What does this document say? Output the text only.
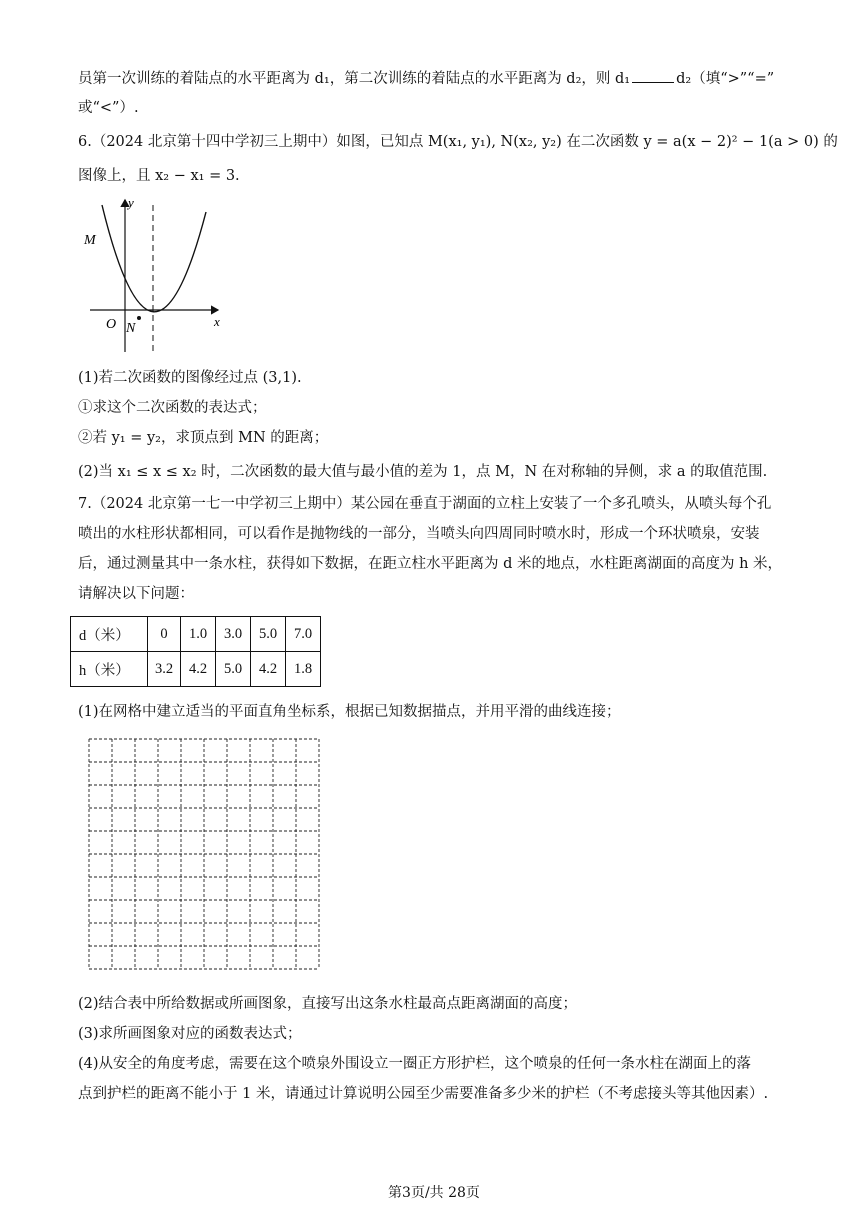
员第一次训练的着陆点的水平距离为 d₁，第二次训练的着陆点的水平距离为 d₂，则 d₁	d₂（填“>”“=”
或“<”）.
6.（2024 北京第十四中学初三上期中）如图，已知点 M(x₁, y₁), N(x₂, y₂) 在二次函数 y = a(x − 2)² − 1(a > 0) 的
图像上，且 x₂ − x₁ = 3.
y
x
O
M
N
(1)若二次函数的图像经过点 (3,1).
①求这个二次函数的表达式；
②若 y₁ = y₂，求顶点到 MN 的距离；
(2)当 x₁ ≤ x ≤ x₂ 时，二次函数的最大值与最小值的差为 1，点 M，N 在对称轴的异侧，求 a 的取值范围.
7.（2024 北京第一七一中学初三上期中）某公园在垂直于湖面的立柱上安装了一个多孔喷头，从喷头每个孔
喷出的水柱形状都相同，可以看作是抛物线的一部分，当喷头向四周同时喷水时，形成一个环状喷泉，安装
后，通过测量其中一条水柱，获得如下数据，在距立柱水平距离为 d 米的地点，水柱距离湖面的高度为 h 米，
请解决以下问题：
d（米）	0	1.0	3.0	5.0	7.0
h（米）	3.2	4.2	5.0	4.2	1.8
(1)在网格中建立适当的平面直角坐标系，根据已知数据描点，并用平滑的曲线连接；
(2)结合表中所给数据或所画图象，直接写出这条水柱最高点距离湖面的高度；
(3)求所画图象对应的函数表达式；
(4)从安全的角度考虑，需要在这个喷泉外围设立一圈正方形护栏，这个喷泉的任何一条水柱在湖面上的落
点到护栏的距离不能小于 1 米，请通过计算说明公园至少需要准备多少米的护栏（不考虑接头等其他因素）.
第3页/共 28页
